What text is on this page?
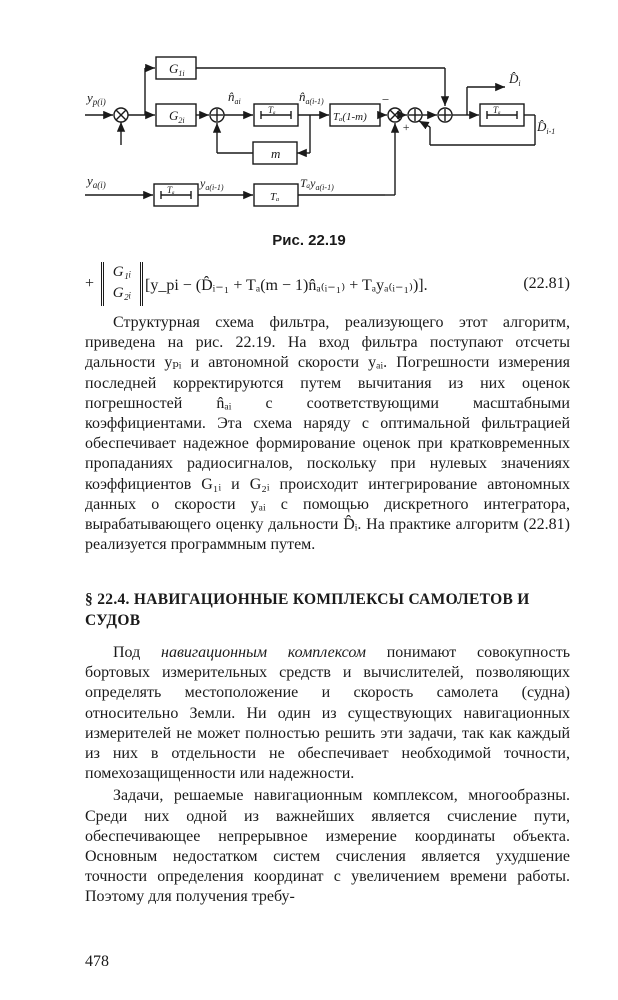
$y_{p(i)}$
$y_{a(i)}$
$G_{1i}$
$G_{2i}$
$n̂_{ai}$	$n̂_{a(i-1)}$
Tₐ
Tₐ(1-m)
m
−
+
Tₐ
$D̂_i$
$D̂_{i-1}$
Tₐ $y_{a(i-1)}$
Tₐ
Tₐy$_{a(i-1)}$
Рис. 22.19
+
G₁ᵢ
G₂ᵢ [y_pi − (D̂ᵢ₋₁ + Tₐ(m − 1)n̂ₐ₍ᵢ₋₁₎ + Tₐyₐ₍ᵢ₋₁₎)].	(22.81)

Структурная схема фильтра, реализующего этот алгоритм, приведена на рис. 22.19. На вход фильтра поступают отсчеты дальности yₚᵢ и автономной скорости yₐᵢ. Погрешности измерения последней корректируются путем вычитания из них оценок погрешностей n̂ₐᵢ с соответствующими масштабными коэффициентами. Эта схема наряду с оптимальной фильтрацией обеспечивает надежное формирование оценок при кратковременных пропаданиях радиосигналов, поскольку при нулевых значениях коэффициентов G₁ᵢ и G₂ᵢ происходит интегрирование автономных данных о скорости yₐᵢ с помощью дискретного интегратора, вырабатывающего оценку дальности D̂ᵢ. На практике алгоритм (22.81) реализуется программным путем.

§ 22.4. НАВИГАЦИОННЫЕ КОМПЛЕКСЫ САМОЛЕТОВ И СУДОВ

Под навигационным комплексом понимают совокупность бортовых измерительных средств и вычислителей, позволяющих определять местоположение и скорость самолета (судна) относительно Земли. Ни один из существующих навигационных измерителей не может полностью решить эти задачи, так как каждый из них в отдельности не обеспечивает необходимой точности, помехозащищенности или надежности.

Задачи, решаемые навигационным комплексом, многообразны. Среди них одной из важнейших является счисление пути, обеспечивающее непрерывное измерение координаты объекта. Основным недостатком систем счисления является ухудшение точности определения координат с увеличением времени работы. Поэтому для получения требу-

478
